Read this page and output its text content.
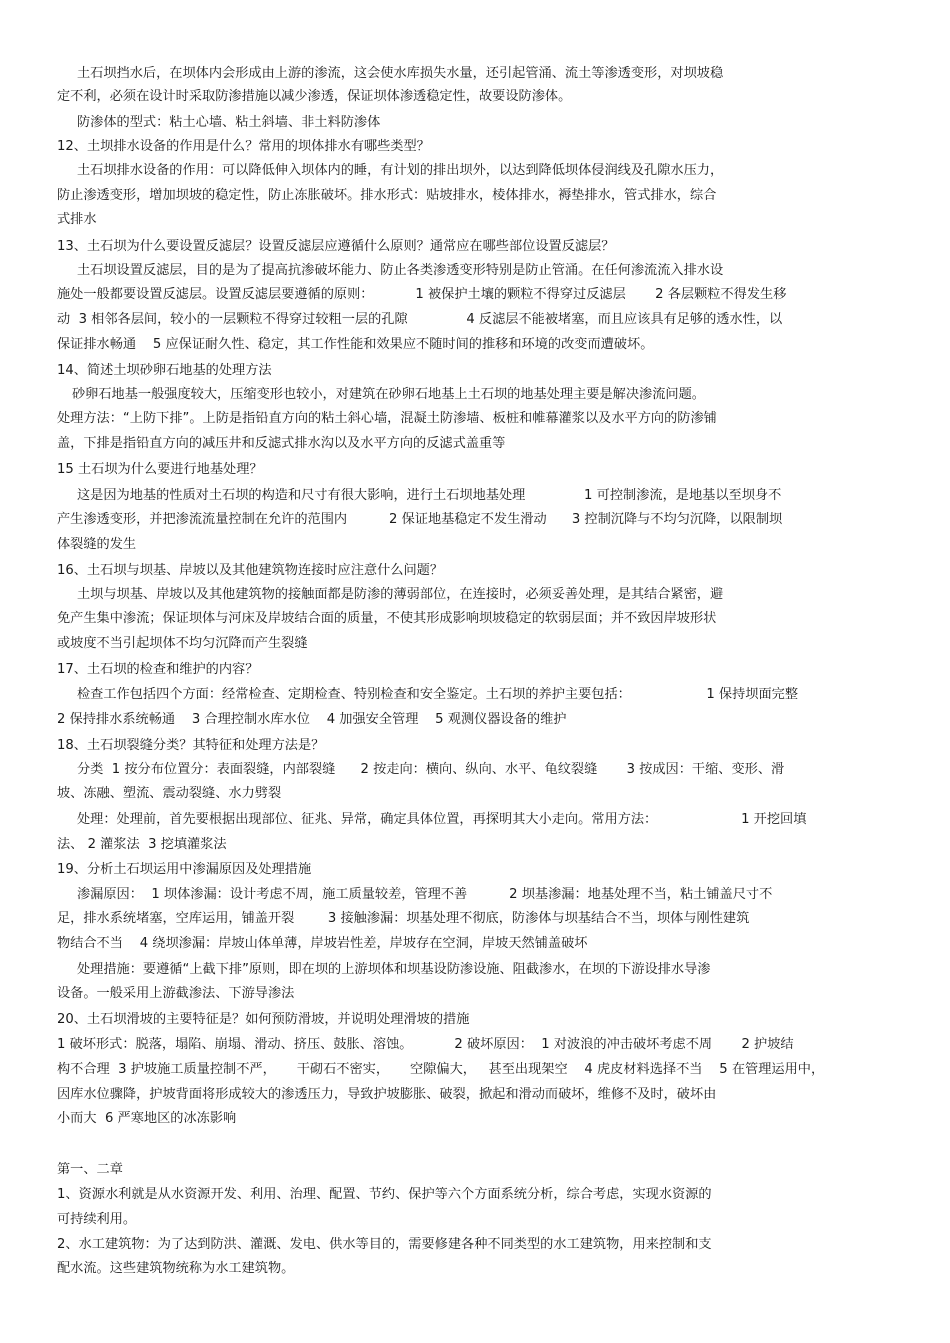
土石坝挡水后，在坝体内会形成由上游的渗流，这会使水库损失水量，还引起管涌、流土等渗透变形，对坝坡稳
定不利，必须在设计时采取防渗措施以减少渗透，保证坝体渗透稳定性，故要设防渗体。
防渗体的型式：粘土心墙、粘土斜墙、非土料防渗体
12、土坝排水设备的作用是什么？常用的坝体排水有哪些类型？
土石坝排水设备的作用：可以降低伸入坝体内的睡，有计划的排出坝外，以达到降低坝体侵润线及孔隙水压力，
防止渗透变形，增加坝坡的稳定性，防止冻胀破坏。排水形式：贴坡排水，棱体排水，褥垫排水，管式排水，综合
式排水
13、土石坝为什么要设置反滤层？设置反滤层应遵循什么原则？通常应在哪些部位设置反滤层？
土石坝设置反滤层，目的是为了提高抗渗破坏能力、防止各类渗透变形特别是防止管涌。在任何渗流流入排水设
施处一般都要设置反滤层。设置反滤层要遵循的原则：          1 被保护土壤的颗粒不得穿过反滤层       2 各层颗粒不得发生移
动  3 相邻各层间，较小的一层颗粒不得穿过较粗一层的孔隙              4 反滤层不能被堵塞，而且应该具有足够的透水性，以
保证排水畅通    5 应保证耐久性、稳定，其工作性能和效果应不随时间的推移和环境的改变而遭破坏。
14、简述土坝砂卵石地基的处理方法
砂卵石地基一般强度较大，压缩变形也较小，对建筑在砂卵石地基上土石坝的地基处理主要是解决渗流问题。
处理方法：“上防下排”。上防是指铅直方向的粘土斜心墙，混凝土防渗墙、板桩和帷幕灌浆以及水平方向的防渗铺
盖，下排是指铅直方向的减压井和反滤式排水沟以及水平方向的反滤式盖重等
15 土石坝为什么要进行地基处理？
这是因为地基的性质对土石坝的构造和尺寸有很大影响，进行土石坝地基处理              1 可控制渗流，是地基以至坝身不
产生渗透变形，并把渗流流量控制在允许的范围内          2 保证地基稳定不发生滑动      3 控制沉降与不均匀沉降，以限制坝
体裂缝的发生
16、土石坝与坝基、岸坡以及其他建筑物连接时应注意什么问题？
土坝与坝基、岸坡以及其他建筑物的接触面都是防渗的薄弱部位，在连接时，必须妥善处理，是其结合紧密，避
免产生集中渗流；保证坝体与河床及岸坡结合面的质量，不使其形成影响坝坡稳定的软弱层面；并不致因岸坡形状
或坡度不当引起坝体不均匀沉降而产生裂缝
17、土石坝的检查和维护的内容？
检查工作包括四个方面：经常检查、定期检查、特别检查和安全鉴定。土石坝的养护主要包括：                  1 保持坝面完整
2 保持排水系统畅通    3 合理控制水库水位    4 加强安全管理    5 观测仪器设备的维护
18、土石坝裂缝分类？其特征和处理方法是？
分类  1 按分布位置分：表面裂缝，内部裂缝      2 按走向：横向、纵向、水平、龟纹裂缝       3 按成因：干缩、变形、滑
坡、冻融、塑流、震动裂缝、水力劈裂
处理：处理前，首先要根据出现部位、征兆、异常，确定具体位置，再探明其大小走向。常用方法：                    1 开挖回填
法、 2 灌浆法  3 挖填灌浆法
19、分析土石坝运用中渗漏原因及处理措施
渗漏原因：  1 坝体渗漏：设计考虑不周，施工质量较差，管理不善          2 坝基渗漏：地基处理不当，粘土铺盖尺寸不
足，排水系统堵塞，空库运用，铺盖开裂        3 接触渗漏：坝基处理不彻底，防渗体与坝基结合不当，坝体与刚性建筑
物结合不当    4 绕坝渗漏：岸坡山体单薄，岸坡岩性差，岸坡存在空洞，岸坡天然铺盖破坏
处理措施：要遵循“上截下排”原则，即在坝的上游坝体和坝基设防渗设施、阻截渗水，在坝的下游设排水导渗
设备。一般采用上游截渗法、下游导渗法
20、土石坝滑坡的主要特征是？如何预防滑坡，并说明处理滑坡的措施
1 破坏形式：脱落，塌陷、崩塌、滑动、挤压、鼓胀、溶蚀。          2 破坏原因：  1 对波浪的冲击破坏考虑不周       2 护坡结
构不合理  3 护坡施工质量控制不严，     干砌石不密实，     空隙偏大，   甚至出现架空    4 虎皮材料选择不当    5 在管理运用中，
因库水位骤降，护坡背面将形成较大的渗透压力，导致护坡膨胀、破裂，掀起和滑动而破坏，维修不及时，破坏由
小而大  6 严寒地区的冰冻影响
第一、二章
1、资源水利就是从水资源开发、利用、治理、配置、节约、保护等六个方面系统分析，综合考虑，实现水资源的
可持续利用。
2、水工建筑物：为了达到防洪、灌溉、发电、供水等目的，需要修建各种不同类型的水工建筑物，用来控制和支
配水流。这些建筑物统称为水工建筑物。
